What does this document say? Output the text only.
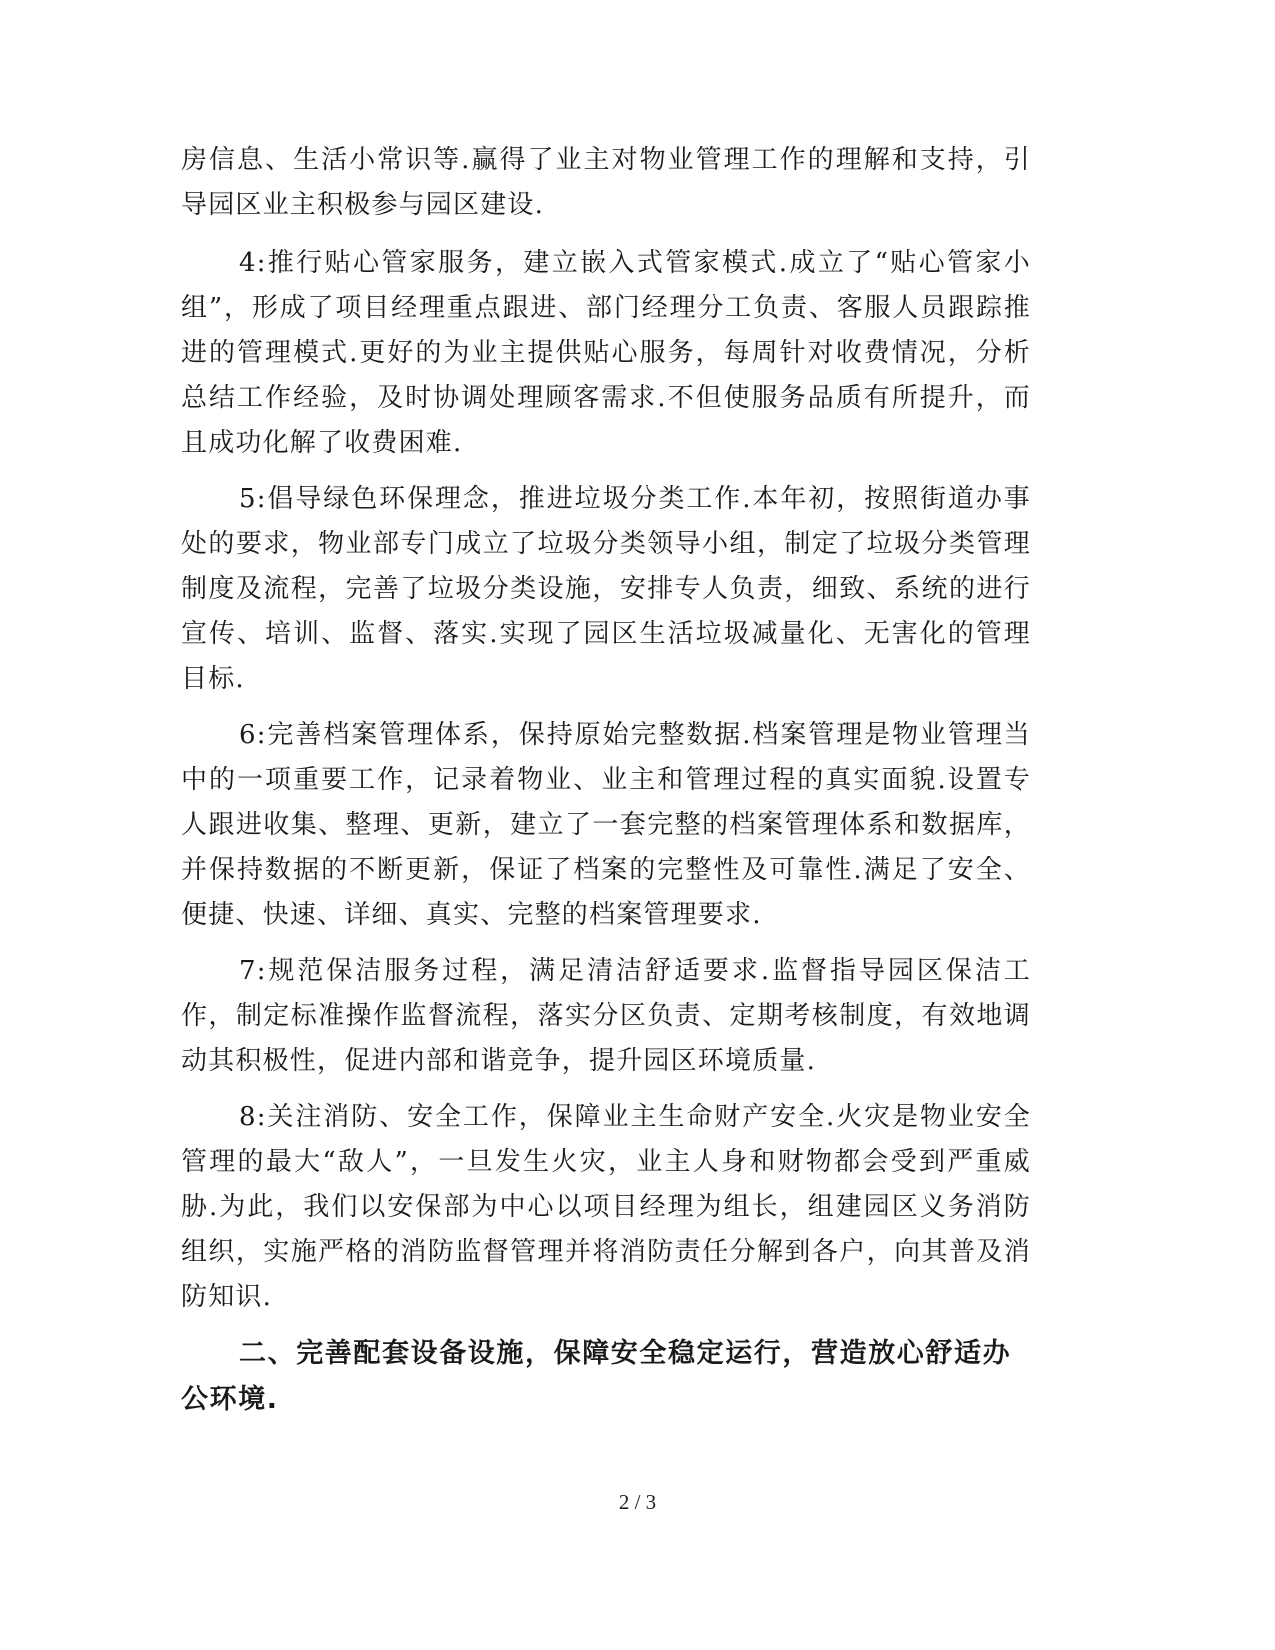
房信息、生活小常识等.赢得了业主对物业管理工作的理解和支持，引导园区业主积极参与园区建设.

4:推行贴心管家服务，建立嵌入式管家模式.成立了“贴心管家小组”，形成了项目经理重点跟进、部门经理分工负责、客服人员跟踪推进的管理模式.更好的为业主提供贴心服务，每周针对收费情况，分析总结工作经验，及时协调处理顾客需求.不但使服务品质有所提升，而且成功化解了收费困难.

5:倡导绿色环保理念，推进垃圾分类工作.本年初，按照街道办事处的要求，物业部专门成立了垃圾分类领导小组，制定了垃圾分类管理制度及流程，完善了垃圾分类设施，安排专人负责，细致、系统的进行宣传、培训、监督、落实.实现了园区生活垃圾减量化、无害化的管理目标.

6:完善档案管理体系，保持原始完整数据.档案管理是物业管理当中的一项重要工作，记录着物业、业主和管理过程的真实面貌.设置专人跟进收集、整理、更新，建立了一套完整的档案管理体系和数据库，并保持数据的不断更新，保证了档案的完整性及可靠性.满足了安全、便捷、快速、详细、真实、完整的档案管理要求.

7:规范保洁服务过程，满足清洁舒适要求.监督指导园区保洁工作，制定标准操作监督流程，落实分区负责、定期考核制度，有效地调动其积极性，促进内部和谐竞争，提升园区环境质量.

8:关注消防、安全工作，保障业主生命财产安全.火灾是物业安全管理的最大“敌人”，一旦发生火灾，业主人身和财物都会受到严重威胁.为此，我们以安保部为中心以项目经理为组长，组建园区义务消防组织，实施严格的消防监督管理并将消防责任分解到各户，向其普及消防知识.

二、完善配套设备设施，保障安全稳定运行，营造放心舒适办公环境.

2 / 3
